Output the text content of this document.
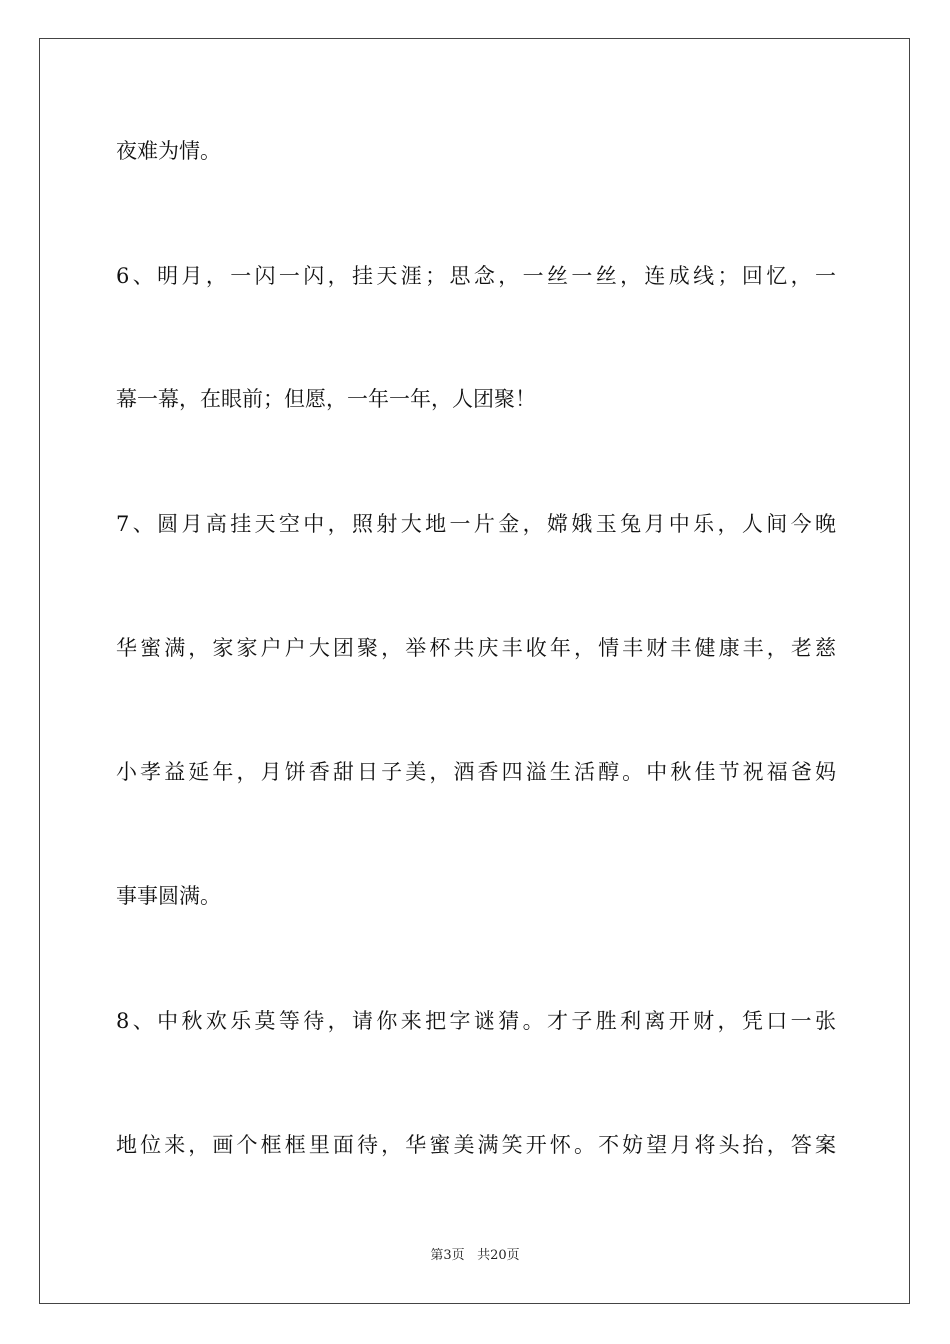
夜难为情。
6、明月，一闪一闪，挂天涯；思念，一丝一丝，连成线；回忆，一
幕一幕，在眼前；但愿，一年一年，人团聚！
7、圆月高挂天空中，照射大地一片金，嫦娥玉兔月中乐，人间今晚
华蜜满，家家户户大团聚，举杯共庆丰收年，情丰财丰健康丰，老慈
小孝益延年，月饼香甜日子美，酒香四溢生活醇。中秋佳节祝福爸妈
事事圆满。
8、中秋欢乐莫等待，请你来把字谜猜。才子胜利离开财，凭口一张
地位来，画个框框里面待，华蜜美满笑开怀。不妨望月将头抬，答案
第3页 共20页
